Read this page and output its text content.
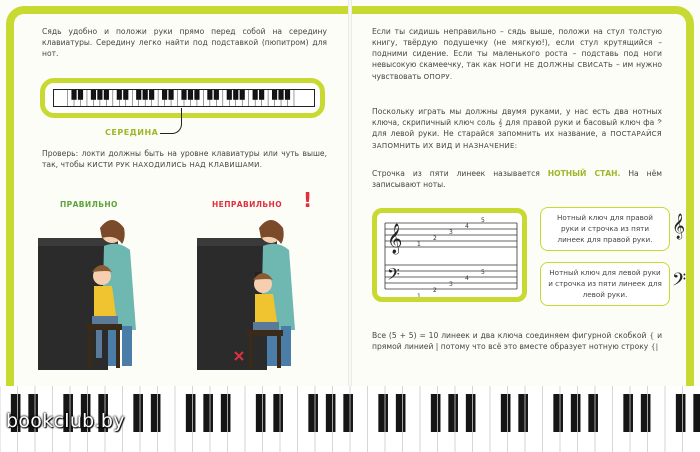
Сядь удобно и положи руки прямо перед собой на середину клавиатуры. Середину легко найти под подставкой (пюпитром) для нот.
СЕРЕДИНА
Проверь: локти должны быть на уровне клавиатуры или чуть выше, так, чтобы КИСТИ РУК НАХОДИЛИСЬ НАД КЛАВИШАМИ.
ПРАВИЛЬНО	НЕПРАВИЛЬНО !
Если ты сидишь неправильно – сядь выше, положи на стул толстую книгу, твёрдую подушечку (не мягкую!), если стул крутящийся – подними сидение. Если ты маленького роста – подставь под ноги невысокую скамеечку, так как НОГИ НЕ ДОЛЖНЫ СВИСАТЬ – им нужно чувствовать ОПОРУ.
Поскольку играть мы должны двумя руками, у нас есть два нотных ключа, скрипичный ключ соль 𝄞 для правой руки и басовый ключ фа 𝄢 для левой руки. Не старайся запомнить их название, а ПОСТАРАЙСЯ ЗАПОМНИТЬ ИХ ВИД И НАЗНАЧЕНИЕ:
Строчка из пяти линеек называется НОТНЫЙ СТАН. На нём записывают ноты.
𝄞
𝄢
1
2
3
4
5
1
2
3
4
5
Нотный ключ для правой руки и строчка из пяти линеек для правой руки.
𝄞
Нотный ключ для левой руки и строчка из пяти линеек для левой руки.	𝄢
Все (5 + 5) = 10 линеек и два ключа соединяем фигурной скобкой { и прямой линией | потому что всё это вместе образует нотную строку {|
bookclub.by
